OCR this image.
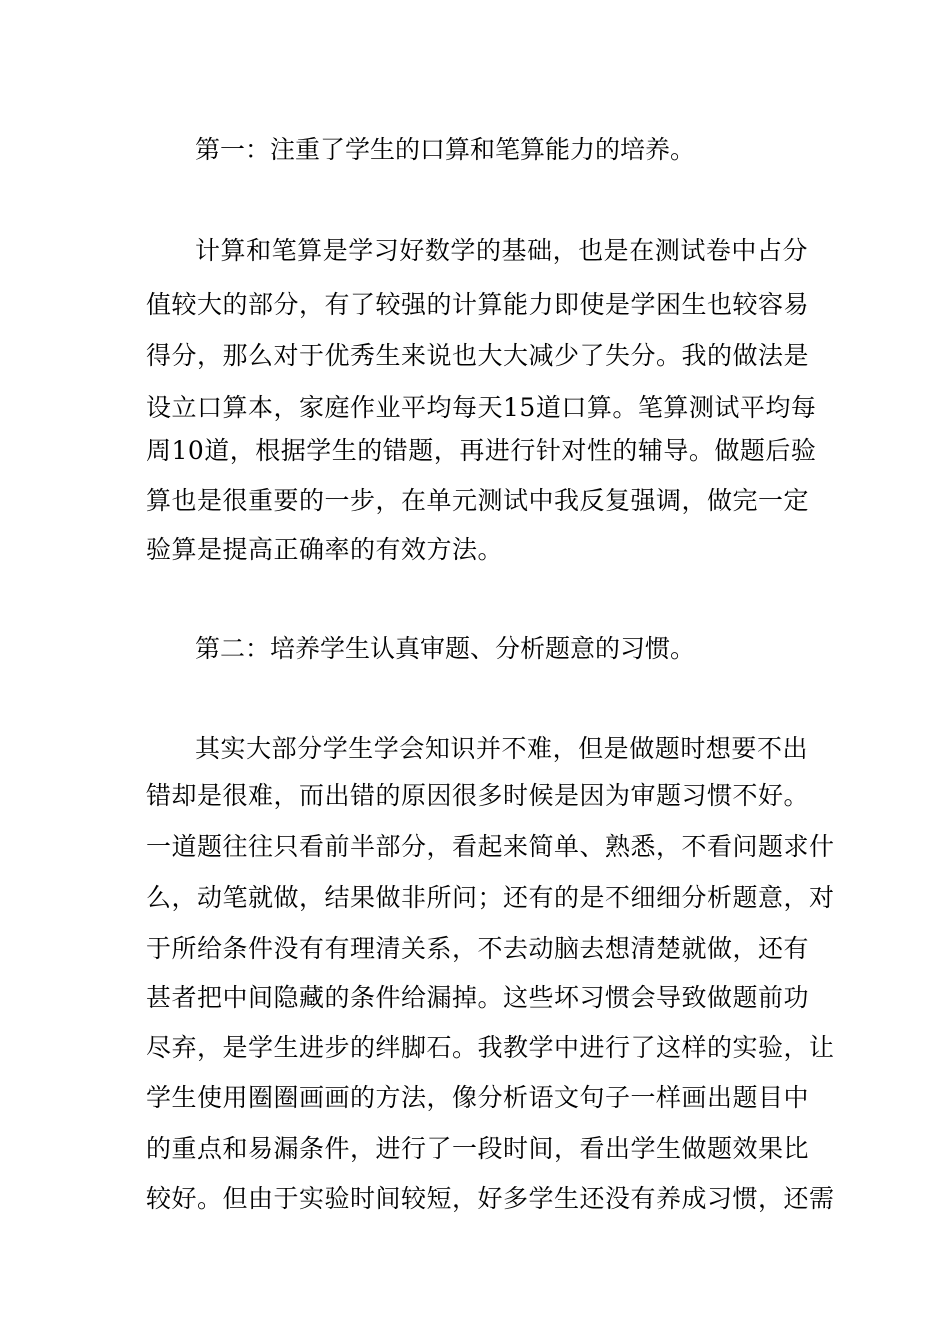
第一：注重了学生的口算和笔算能力的培养。
计算和笔算是学习好数学的基础，也是在测试卷中占分
值较大的部分，有了较强的计算能力即使是学困生也较容易
得分，那么对于优秀生来说也大大减少了失分。我的做法是
设立口算本，家庭作业平均每天15道口算。笔算测试平均每
周10道，根据学生的错题，再进行针对性的辅导。做题后验
算也是很重要的一步，在单元测试中我反复强调，做完一定
验算是提高正确率的有效方法。
第二：培养学生认真审题、分析题意的习惯。
其实大部分学生学会知识并不难，但是做题时想要不出
错却是很难，而出错的原因很多时候是因为审题习惯不好。
一道题往往只看前半部分，看起来简单、熟悉，不看问题求什
么，动笔就做，结果做非所问；还有的是不细细分析题意，对
于所给条件没有有理清关系，不去动脑去想清楚就做，还有
甚者把中间隐藏的条件给漏掉。这些坏习惯会导致做题前功
尽弃，是学生进步的绊脚石。我教学中进行了这样的实验，让
学生使用圈圈画画的方法，像分析语文句子一样画出题目中
的重点和易漏条件，进行了一段时间，看出学生做题效果比
较好。但由于实验时间较短，好多学生还没有养成习惯，还需
